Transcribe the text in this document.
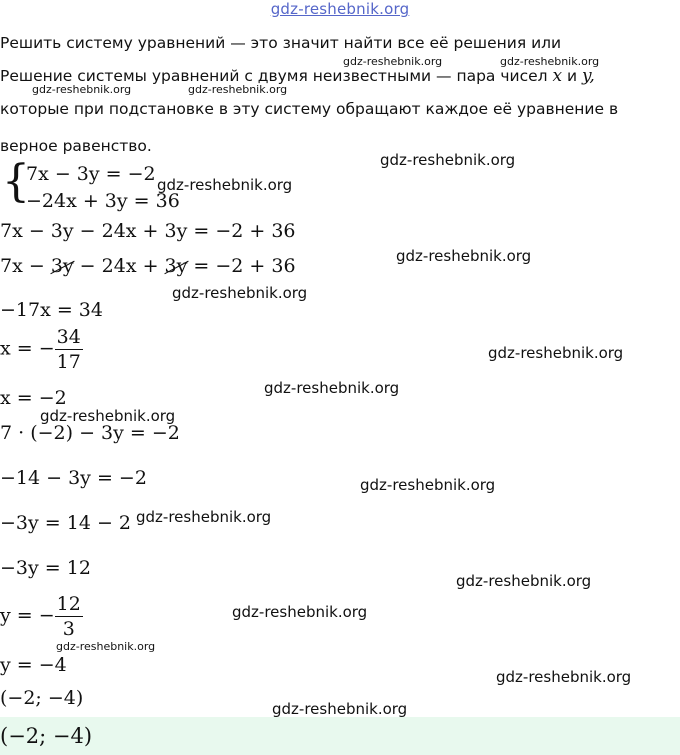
gdz-reshebnik.org
Решить систему уравнений — это значит найти все её решения или
Решение системы уравнений с двумя неизвестными — пара чисел x и y,
которые при подстановке в эту систему обращают каждое её уравнение в
верное равенство.
{
7x − 3y = −2
−24x + 3y = 36
7x − 3y − 24x + 3y = −2 + 36
7x − 3y − 24x + 3y = −2 + 36
−17x = 34
x = − $\frac{34}{17}$
x = −2
7 · (−2) − 3y = −2
−14 − 3y = −2
−3y = 14 − 2
−3y = 12
y = − $\frac{12}{3}$
y = −4
(−2; −4)
(−2; −4)
gdz-reshebnik.org	gdz-reshebnik.org
gdz-reshebnik.org	gdz-reshebnik.org
gdz-reshebnik.org
gdz-reshebnik.org
gdz-reshebnik.org
gdz-reshebnik.org
gdz-reshebnik.org
gdz-reshebnik.org
gdz-reshebnik.org
gdz-reshebnik.org
gdz-reshebnik.org
gdz-reshebnik.org
gdz-reshebnik.org
gdz-reshebnik.org
gdz-reshebnik.org
gdz-reshebnik.org
